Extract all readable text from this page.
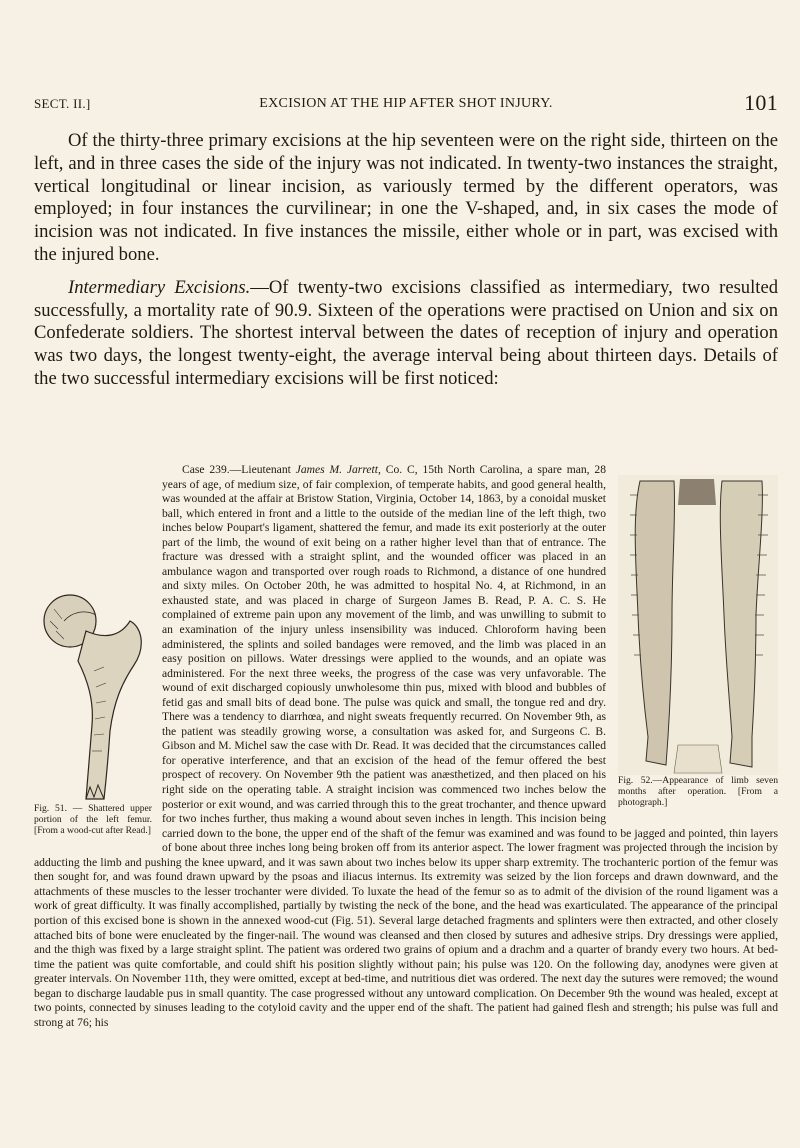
SECT. II.]	EXCISION AT THE HIP AFTER SHOT INJURY.	101

Of the thirty-three primary excisions at the hip seventeen were on the right side, thirteen on the left, and in three cases the side of the injury was not indicated. In twenty-two instances the straight, vertical longitudinal or linear incision, as variously termed by the different operators, was employed; in four instances the curvilinear; in one the V-shaped, and, in six cases the mode of incision was not indicated. In five instances the missile, either whole or in part, was excised with the injured bone.

Intermediary Excisions.—Of twenty-two excisions classified as intermediary, two resulted successfully, a mortality rate of 90.9. Sixteen of the operations were practised on Union and six on Confederate soldiers. The shortest interval between the dates of reception of injury and operation was two days, the longest twenty-eight, the average interval being about thirteen days. Details of the two successful intermediary excisions will be first noticed:

Fig. 52.—Appearance of limb seven months after operation. [From a photograph.]

Fig. 51. — Shattered upper portion of the left femur. [From a wood-cut after Read.]
Case 239.—Lieutenant James M. Jarrett, Co. C, 15th North Carolina, a spare man, 28 years of age, of medium size, of fair complexion, of temperate habits, and good general health, was wounded at the affair at Bristow Station, Virginia, October 14, 1863, by a conoidal musket ball, which entered in front and a little to the outside of the median line of the left thigh, two inches below Poupart's ligament, shattered the femur, and made its exit posteriorly at the outer part of the limb, the wound of exit being on a rather higher level than that of entrance. The fracture was dressed with a straight splint, and the wounded officer was placed in an ambulance wagon and transported over rough roads to Richmond, a distance of one hundred and sixty miles. On October 20th, he was admitted to hospital No. 4, at Richmond, in an exhausted state, and was placed in charge of Surgeon James B. Read, P. A. C. S. He complained of extreme pain upon any movement of the limb, and was unwilling to submit to an examination of the injury unless insensibility was induced. Chloroform having been administered, the splints and soiled bandages were removed, and the limb was placed in an easy position on pillows. Water dressings were applied to the wounds, and an opiate was administered. For the next three weeks, the progress of the case was very unfavorable. The wound of exit discharged copiously unwholesome thin pus, mixed with blood and bubbles of fetid gas and small bits of dead bone. The pulse was quick and small, the tongue red and dry. There was a tendency to diarrhœa, and night sweats frequently recurred. On November 9th, as the patient was steadily growing worse, a consultation was asked for, and Surgeons C. B. Gibson and M. Michel saw the case with Dr. Read. It was decided that the circumstances called for operative interference, and that an excision of the head of the femur offered the best prospect of recovery. On November 9th the patient was anæsthetized, and then placed on his right side on the operating table. A straight incision was commenced two inches below the posterior or exit wound, and was carried through this to the great trochanter, and thence upward for two inches further, thus making a wound about seven inches in length. This incision being carried down to the bone, the upper end of the shaft of the femur was examined and was found to be jagged and pointed, thin layers of bone about three inches long being broken off from its anterior aspect. The lower fragment was projected through the incision by adducting the limb and pushing the knee upward, and it was sawn about two inches below its upper sharp extremity. The trochanteric portion of the femur was then sought for, and was found drawn upward by the psoas and iliacus internus. Its extremity was seized by the lion forceps and drawn downward, and the attachments of these muscles to the lesser trochanter were divided. To luxate the head of the femur so as to admit of the division of the round ligament was a work of great difficulty. It was finally accomplished, partially by twisting the neck of the bone, and the head was exarticulated. The appearance of the principal portion of this excised bone is shown in the annexed wood-cut (Fig. 51). Several large detached fragments and splinters were then extracted, and other closely attached bits of bone were enucleated by the finger-nail. The wound was cleansed and then closed by sutures and adhesive strips. Dry dressings were applied, and the thigh was fixed by a large straight splint. The patient was ordered two grains of opium and a drachm and a quarter of brandy every two hours. At bed-time the patient was quite comfortable, and could shift his position slightly without pain; his pulse was 120. On the following day, anodynes were given at greater intervals. On November 11th, they were omitted, except at bed-time, and nutritious diet was ordered. The next day the sutures were removed; the wound began to discharge laudable pus in small quantity. The case progressed without any untoward complication. On December 9th the wound was healed, except at two points, connected by sinuses leading to the cotyloid cavity and the upper end of the shaft. The patient had gained flesh and strength; his pulse was full and strong at 76; his
